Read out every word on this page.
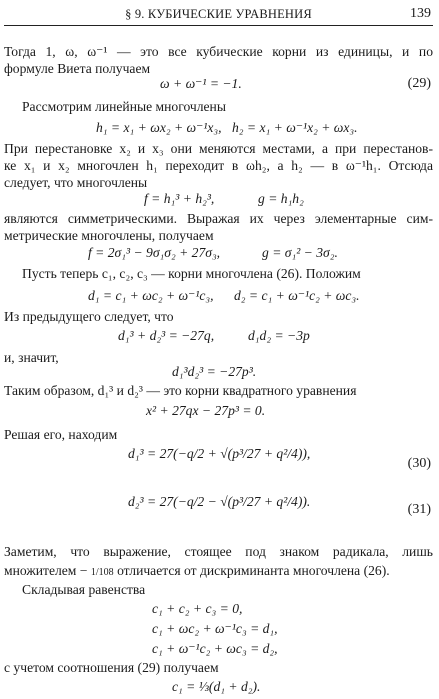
§ 9. КУБИЧЕСКИЕ УРАВНЕНИЯ	139
Тогда 1, ω, ω⁻¹ — это все кубические корни из единицы, и по
формуле Виета получаем
ω + ω⁻¹ = −1.	(29)
Рассмотрим линейные многочлены
h₁ = x₁ + ωx₂ + ω⁻¹x₃, h₂ = x₁ + ω⁻¹x₂ + ωx₃.
При перестановке x₂ и x₃ они меняются местами, а при перестанов-
ке x₁ и x₂ многочлен h₁ переходит в ωh₂, а h₂ — в ω⁻¹h₁. Отсюда
следует, что многочлены
f = h₁³ + h₂³,	g = h₁h₂
являются симметрическими. Выражая их через элементарные сим-
метрические многочлены, получаем
f = 2σ₁³ − 9σ₁σ₂ + 27σ₃,	g = σ₁² − 3σ₂.
Пусть теперь c₁, c₂, c₃ — корни многочлена (26). Положим
d₁ = c₁ + ωc₂ + ω⁻¹c₃, d₂ = c₁ + ω⁻¹c₂ + ωc₃.
Из предыдущего следует, что
d₁³ + d₂³ = −27q, d₁d₂ = −3p
и, значит,
d₁³d₂³ = −27p³.
Таким образом, d₁³ и d₂³ — это корни квадратного уравнения
x² + 27qx − 27p³ = 0.
Решая его, находим
d₁³ = 27(−q/2 + √(p³/27 + q²/4)),
(30)
d₂³ = 27(−q/2 − √(p³/27 + q²/4)).
(31)
Заметим, что выражение, стоящее под знаком радикала, лишь
множителем − 1/108 отличается от дискриминанта многочлена (26).
Складывая равенства
c₁ + c₂ + c₃ = 0,
c₁ + ωc₂ + ω⁻¹c₃ = d₁,
c₁ + ω⁻¹c₂ + ωc₃ = d₂,
с учетом соотношения (29) получаем
c₁ = ⅓(d₁ + d₂).
